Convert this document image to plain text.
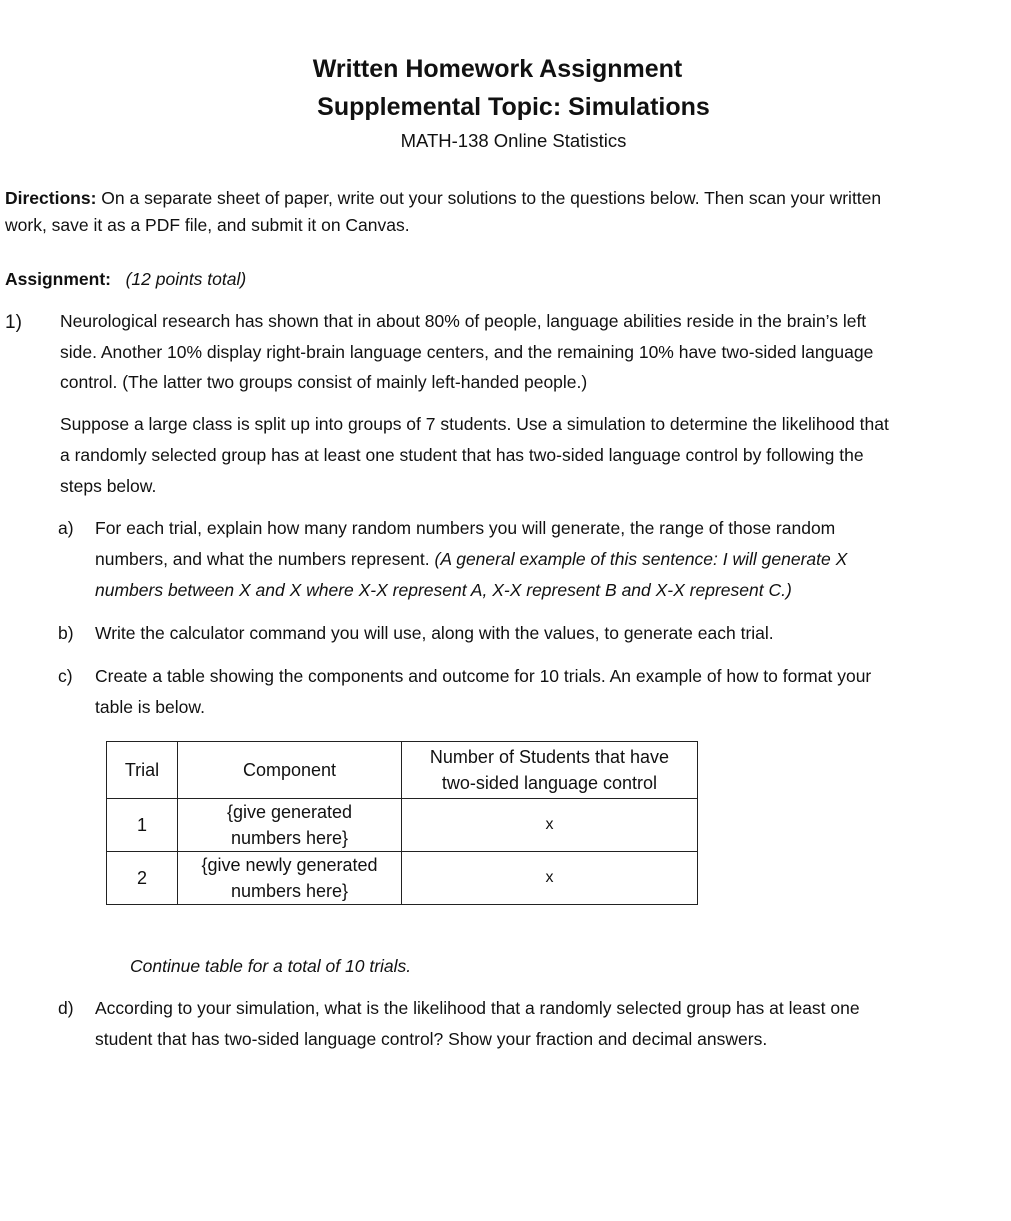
Written Homework Assignment
Supplemental Topic: Simulations
MATH-138 Online Statistics

Directions: On a separate sheet of paper, write out your solutions to the questions below. Then scan your written

work, save it as a PDF file, and submit it on Canvas.

Assignment: (12 points total)

1) Neurological research has shown that in about 80% of people, language abilities reside in the brain’s left

side. Another 10% display right-brain language centers, and the remaining 10% have two-sided language

control. (The latter two groups consist of mainly left-handed people.)

Suppose a large class is split up into groups of 7 students. Use a simulation to determine the likelihood that

a randomly selected group has at least one student that has two-sided language control by following the

steps below.

a)	For each trial, explain how many random numbers you will generate, the range of those random

numbers, and what the numbers represent. (A general example of this sentence: I will generate X

numbers between X and X where X-X represent A, X-X represent B and X-X represent C.)

b)	Write the calculator command you will use, along with the values, to generate each trial.

c)	Create a table showing the components and outcome for 10 trials. An example of how to format your

table is below.

Trial	Component	Number of Students that have
two-sided language control
1	{give generated
numbers here}	x
2	{give newly generated
numbers here}	x

Continue table for a total of 10 trials.

d)	According to your simulation, what is the likelihood that a randomly selected group has at least one

student that has two-sided language control? Show your fraction and decimal answers.
